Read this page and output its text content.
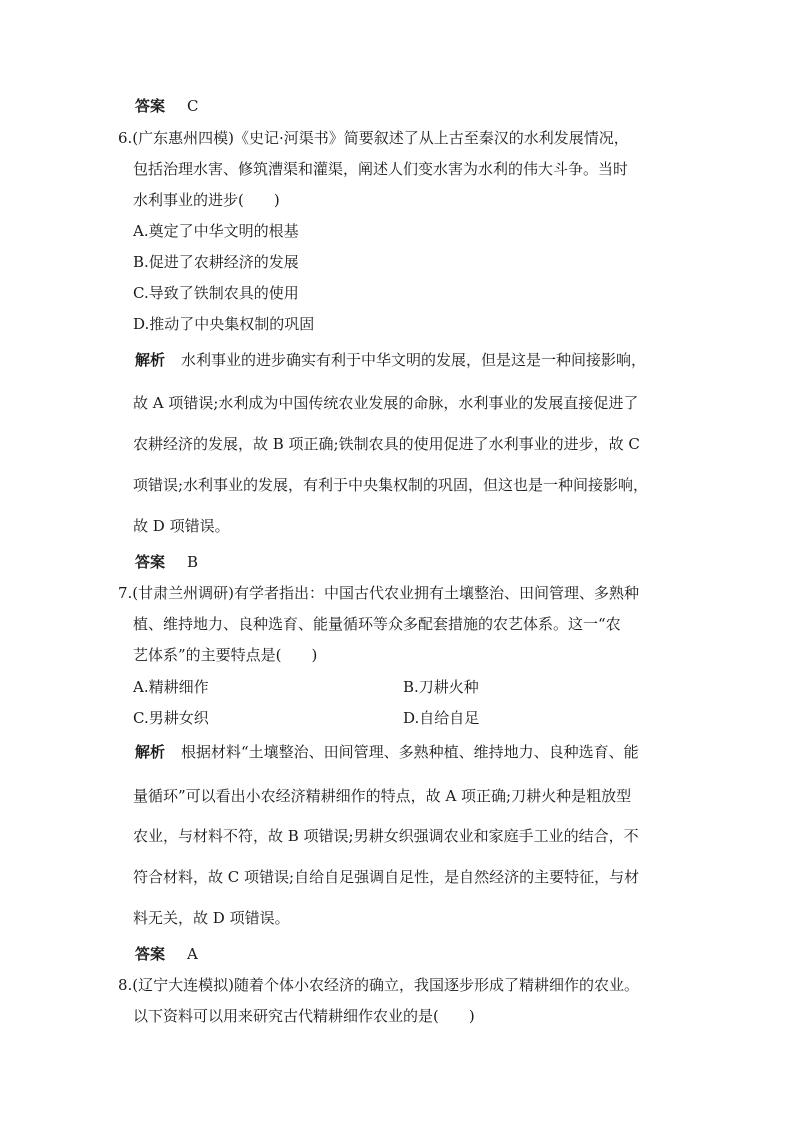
答案 C
6.(广东惠州四模)《史记·河渠书》简要叙述了从上古至秦汉的水利发展情况，
包括治理水害、修筑漕渠和灌渠，阐述人们变水害为水利的伟大斗争。当时
水利事业的进步(　　)
A.奠定了中华文明的根基
B.促进了农耕经济的发展
C.导致了铁制农具的使用
D.推动了中央集权制的巩固
解析 水利事业的进步确实有利于中华文明的发展，但是这是一种间接影响，
故 A 项错误;水利成为中国传统农业发展的命脉，水利事业的发展直接促进了
农耕经济的发展，故 B 项正确;铁制农具的使用促进了水利事业的进步，故 C
项错误;水利事业的发展，有利于中央集权制的巩固，但这也是一种间接影响，
故 D 项错误。
答案 B
7.(甘肃兰州调研)有学者指出：中国古代农业拥有土壤整治、田间管理、多熟种
植、维持地力、良种选育、能量循环等众多配套措施的农艺体系。这一“农
艺体系”的主要特点是(　　)
A.精耕细作	B.刀耕火种
C.男耕女织	D.自给自足
解析 根据材料“土壤整治、田间管理、多熟种植、维持地力、良种选育、能
量循环”可以看出小农经济精耕细作的特点，故 A 项正确;刀耕火种是粗放型
农业，与材料不符，故 B 项错误;男耕女织强调农业和家庭手工业的结合，不
符合材料，故 C 项错误;自给自足强调自足性，是自然经济的主要特征，与材
料无关，故 D 项错误。
答案 A
8.(辽宁大连模拟)随着个体小农经济的确立，我国逐步形成了精耕细作的农业。
以下资料可以用来研究古代精耕细作农业的是(　　)
